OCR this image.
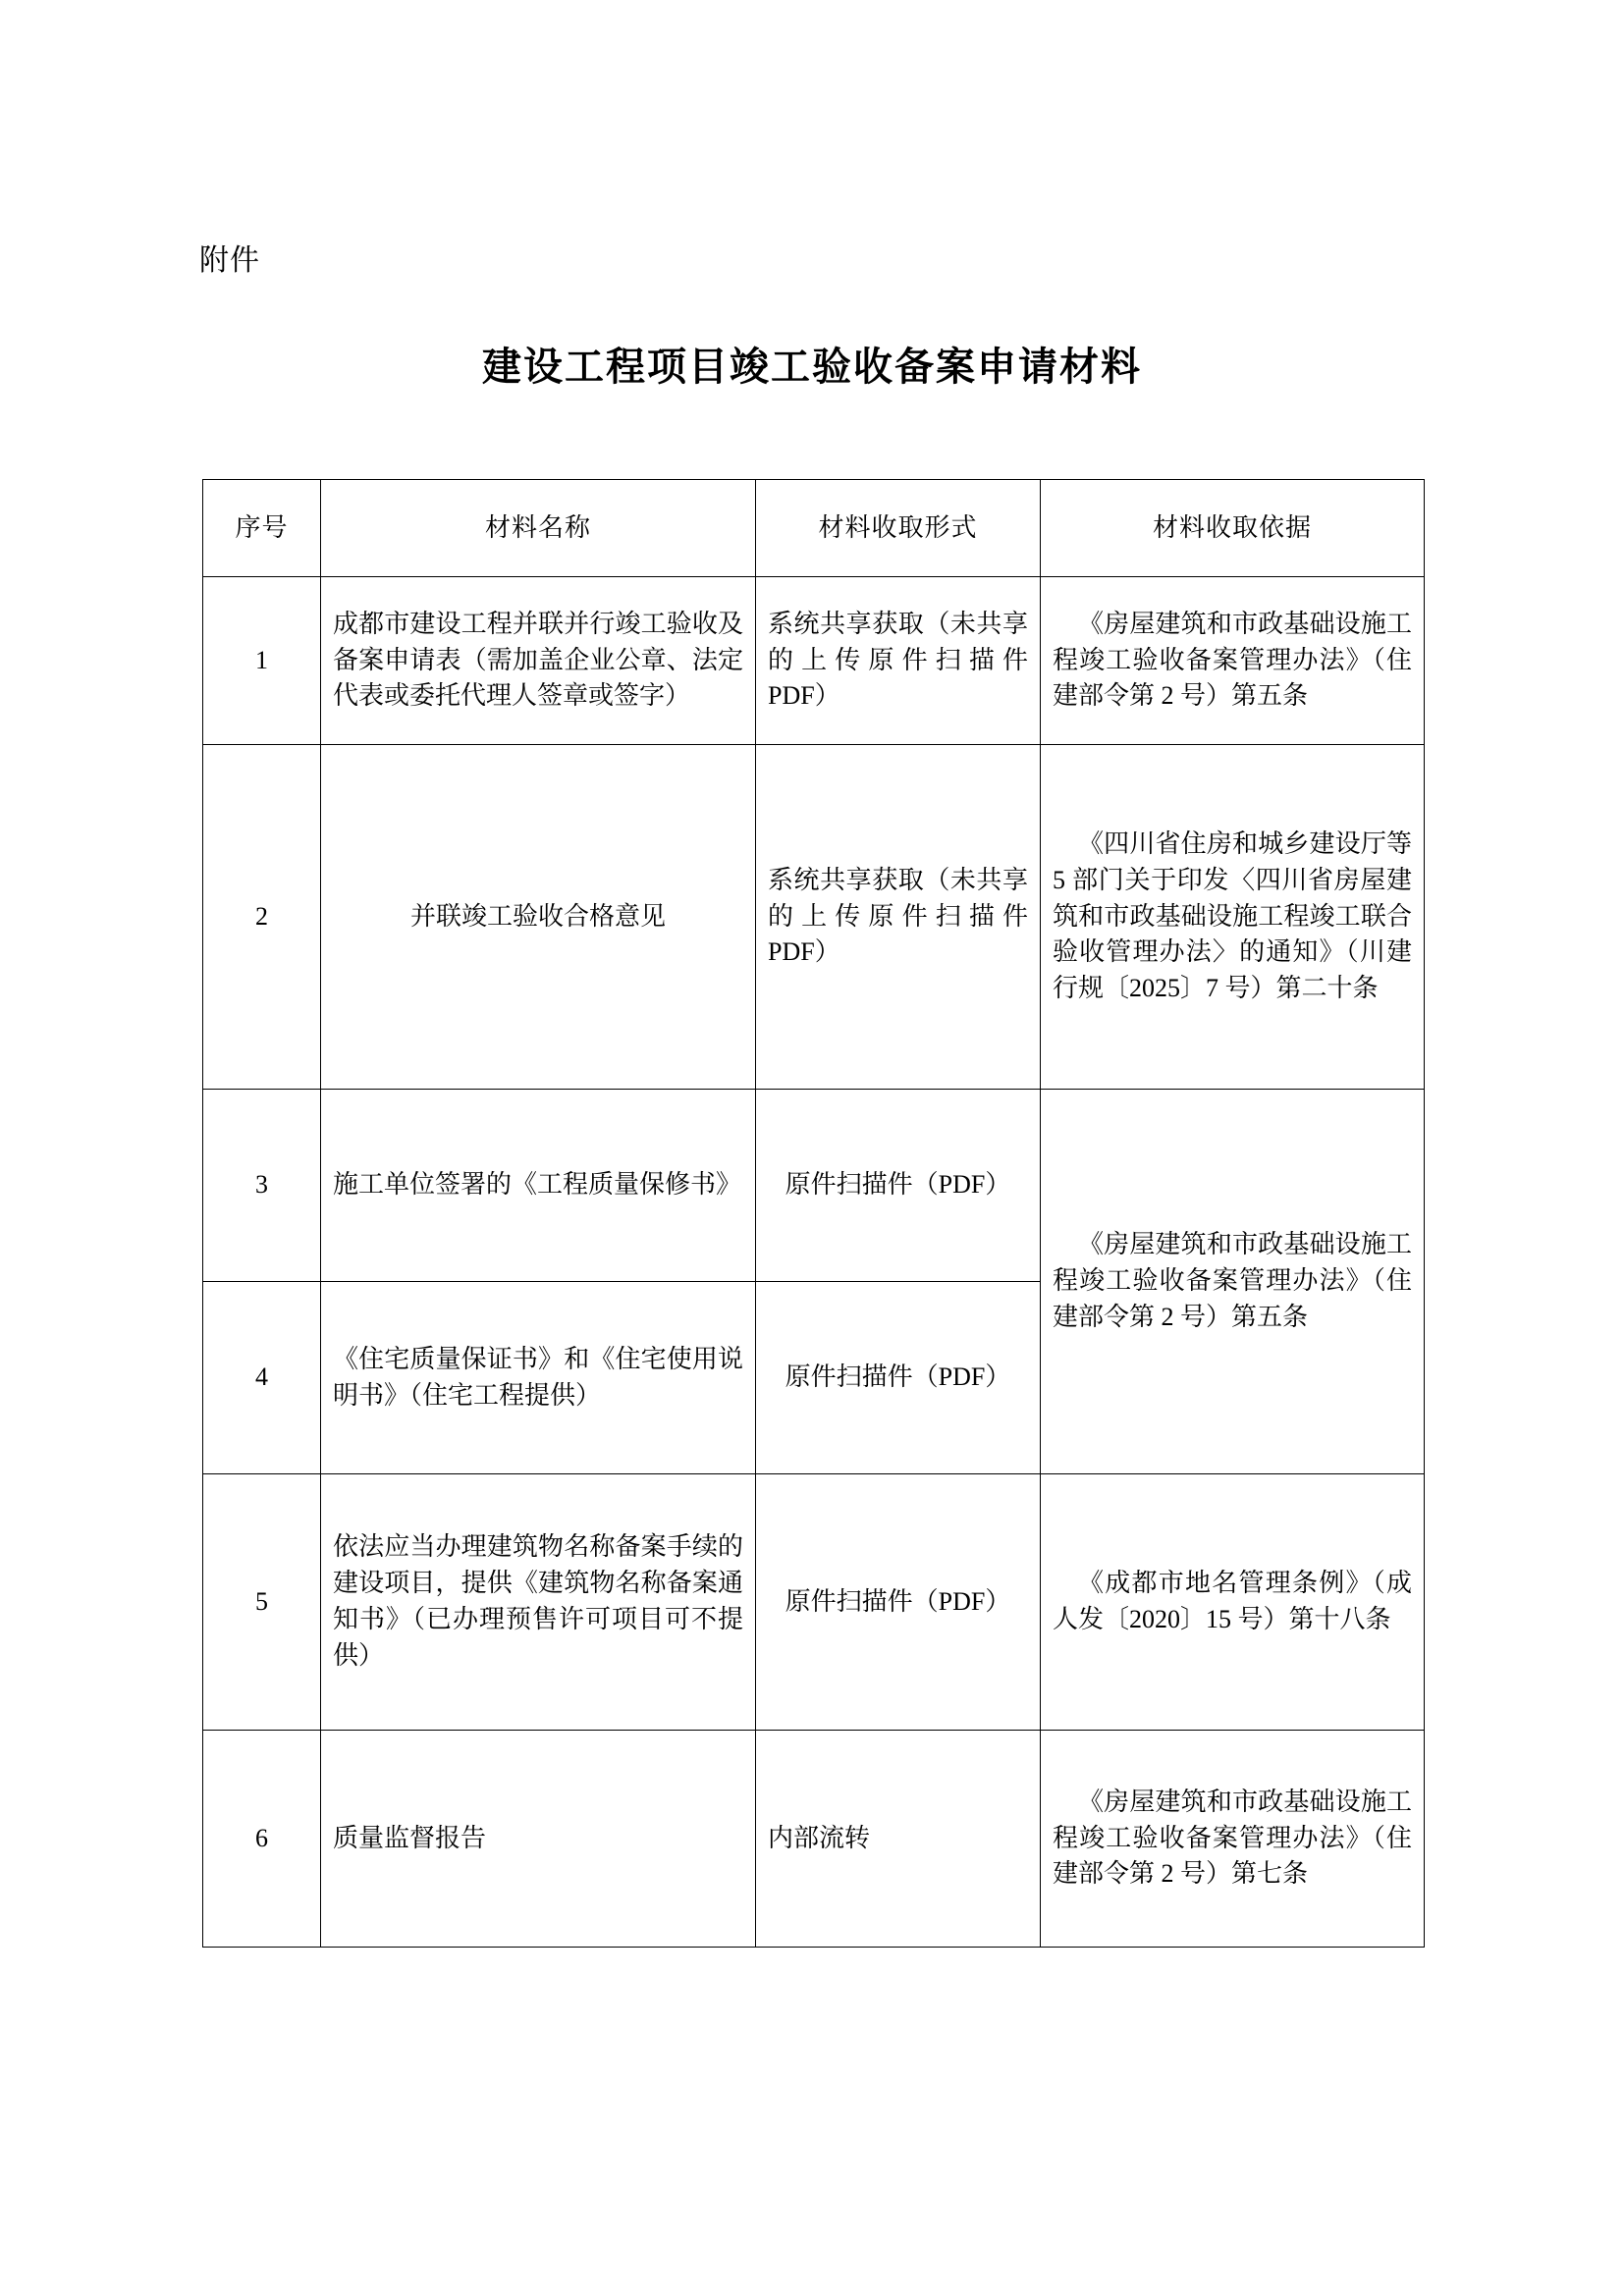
附件
建设工程项目竣工验收备案申请材料
序号	材料名称	材料收取形式	材料收取依据
1	成都市建设工程并联并行竣工验收及备案申请表（需加盖企业公章、法定代表或委托代理人签章或签字）	系统共享获取（未共享的上传原件扫描件 PDF）	《房屋建筑和市政基础设施工程竣工验收备案管理办法》（住建部令第 2 号）第五条
2	并联竣工验收合格意见	系统共享获取（未共享的上传原件扫描件 PDF）	《四川省住房和城乡建设厅等 5 部门关于印发〈四川省房屋建筑和市政基础设施工程竣工联合验收管理办法〉的通知》（川建行规〔2025〕7 号）第二十条
3	施工单位签署的《工程质量保修书》	原件扫描件（PDF）	《房屋建筑和市政基础设施工程竣工验收备案管理办法》（住建部令第 2 号）第五条
4	《住宅质量保证书》和《住宅使用说明书》（住宅工程提供）	原件扫描件（PDF）	
5	依法应当办理建筑物名称备案手续的建设项目，提供《建筑物名称备案通知书》（已办理预售许可项目可不提供）	原件扫描件（PDF）	《成都市地名管理条例》（成人发〔2020〕15 号）第十八条
6	质量监督报告	内部流转	《房屋建筑和市政基础设施工程竣工验收备案管理办法》（住建部令第 2 号）第七条
